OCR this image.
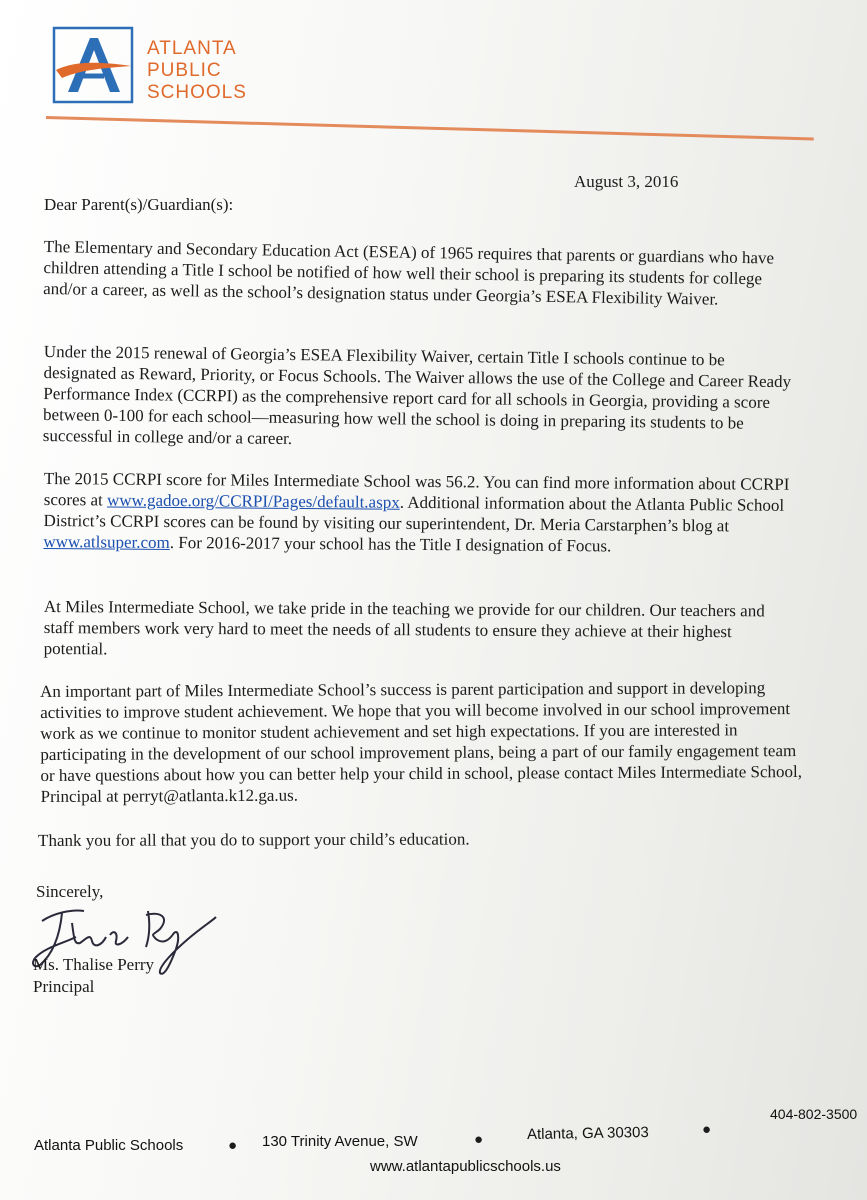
ATLANTA
PUBLIC
SCHOOLS
August 3, 2016
Dear Parent(s)/Guardian(s):
The Elementary and Secondary Education Act (ESEA) of 1965 requires that parents or guardians who have children attending a Title I school be notified of how well their school is preparing its students for college and/or a career, as well as the school’s designation status under Georgia’s ESEA Flexibility Waiver.
Under the 2015 renewal of Georgia’s ESEA Flexibility Waiver, certain Title I schools continue to be designated as Reward, Priority, or Focus Schools. The Waiver allows the use of the College and Career Ready Performance Index (CCRPI) as the comprehensive report card for all schools in Georgia, providing a score between 0-100 for each school—measuring how well the school is doing in preparing its students to be successful in college and/or a career.
The 2015 CCRPI score for Miles Intermediate School was 56.2. You can find more information about CCRPI scores at www.gadoe.org/CCRPI/Pages/default.aspx. Additional information about the Atlanta Public School District’s CCRPI scores can be found by visiting our superintendent, Dr. Meria Carstarphen’s blog at www.atlsuper.com. For 2016-2017 your school has the Title I designation of Focus.
At Miles Intermediate School, we take pride in the teaching we provide for our children. Our teachers and staff members work very hard to meet the needs of all students to ensure they achieve at their highest potential.
An important part of Miles Intermediate School’s success is parent participation and support in developing activities to improve student achievement. We hope that you will become involved in our school improvement work as we continue to monitor student achievement and set high expectations. If you are interested in participating in the development of our school improvement plans, being a part of our family engagement team or have questions about how you can better help your child in school, please contact Miles Intermediate School, Principal at perryt@atlanta.k12.ga.us.
Thank you for all that you do to support your child’s education.
Sincerely,
Ms. Thalise Perry
Principal
Atlanta Public Schools	● 130 Trinity Avenue, SW	●	Atlanta, GA 30303	●
404-802-3500
www.atlantapublicschools.us
